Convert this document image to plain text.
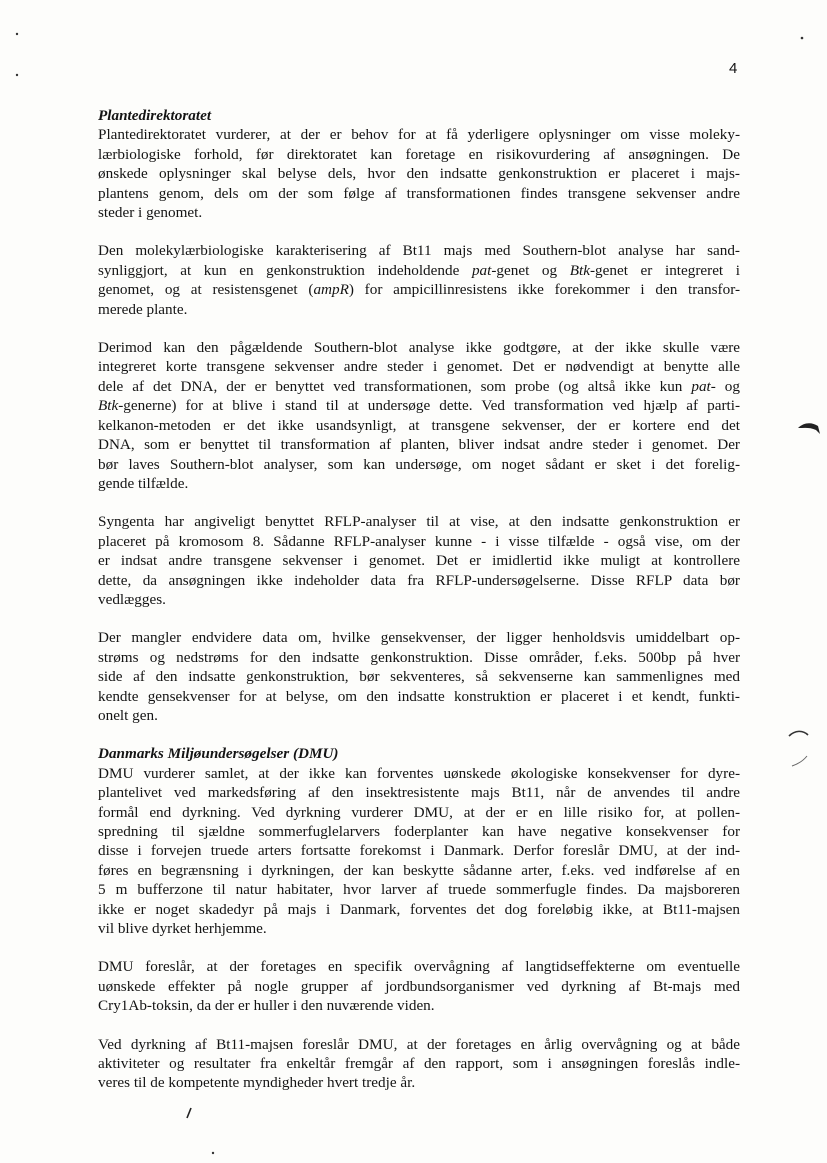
4
Plantedirektoratet
Plantedirektoratet vurderer, at der er behov for at få yderligere oplysninger om visse moleky-
lærbiologiske forhold, før direktoratet kan foretage en risikovurdering af ansøgningen. De
ønskede oplysninger skal belyse dels, hvor den indsatte genkonstruktion er placeret i majs-
plantens genom, dels om der som følge af transformationen findes transgene sekvenser andre
steder i genomet.
Den molekylærbiologiske karakterisering af Bt11 majs med Southern-blot analyse har sand-
synliggjort, at kun en genkonstruktion indeholdende pat-genet og Btk-genet er integreret i
genomet, og at resistensgenet (ampR) for ampicillinresistens ikke forekommer i den transfor-
merede plante.
Derimod kan den pågældende Southern-blot analyse ikke godtgøre, at der ikke skulle være
integreret korte transgene sekvenser andre steder i genomet. Det er nødvendigt at benytte alle
dele af det DNA, der er benyttet ved transformationen, som probe (og altså ikke kun pat- og
Btk-generne) for at blive i stand til at undersøge dette. Ved transformation ved hjælp af parti-
kelkanon-metoden er det ikke usandsynligt, at transgene sekvenser, der er kortere end det
DNA, som er benyttet til transformation af planten, bliver indsat andre steder i genomet. Der
bør laves Southern-blot analyser, som kan undersøge, om noget sådant er sket i det forelig-
gende tilfælde.
Syngenta har angiveligt benyttet RFLP-analyser til at vise, at den indsatte genkonstruktion er
placeret på kromosom 8. Sådanne RFLP-analyser kunne - i visse tilfælde - også vise, om der
er indsat andre transgene sekvenser i genomet. Det er imidlertid ikke muligt at kontrollere
dette, da ansøgningen ikke indeholder data fra RFLP-undersøgelserne. Disse RFLP data bør
vedlægges.
Der mangler endvidere data om, hvilke gensekvenser, der ligger henholdsvis umiddelbart op-
strøms og nedstrøms for den indsatte genkonstruktion. Disse områder, f.eks. 500bp på hver
side af den indsatte genkonstruktion, bør sekventeres, så sekvenserne kan sammenlignes med
kendte gensekvenser for at belyse, om den indsatte konstruktion er placeret i et kendt, funkti-
onelt gen.
Danmarks Miljøundersøgelser (DMU)
DMU vurderer samlet, at der ikke kan forventes uønskede økologiske konsekvenser for dyre-
plantelivet ved markedsføring af den insektresistente majs Bt11, når de anvendes til andre
formål end dyrkning. Ved dyrkning vurderer DMU, at der er en lille risiko for, at pollen-
spredning til sjældne sommerfuglelarvers foderplanter kan have negative konsekvenser for
disse i forvejen truede arters fortsatte forekomst i Danmark. Derfor foreslår DMU, at der ind-
føres en begrænsning i dyrkningen, der kan beskytte sådanne arter, f.eks. ved indførelse af en
5 m bufferzone til natur habitater, hvor larver af truede sommerfugle findes. Da majsboreren
ikke er noget skadedyr på majs i Danmark, forventes det dog foreløbig ikke, at Bt11-majsen
vil blive dyrket herhjemme.
DMU foreslår, at der foretages en specifik overvågning af langtidseffekterne om eventuelle
uønskede effekter på nogle grupper af jordbundsorganismer ved dyrkning af Bt-majs med
Cry1Ab-toksin, da der er huller i den nuværende viden.
Ved dyrkning af Bt11-majsen foreslår DMU, at der foretages en årlig overvågning og at både
aktiviteter og resultater fra enkeltår fremgår af den rapport, som i ansøgningen foreslås indle-
veres til de kompetente myndigheder hvert tredje år.
